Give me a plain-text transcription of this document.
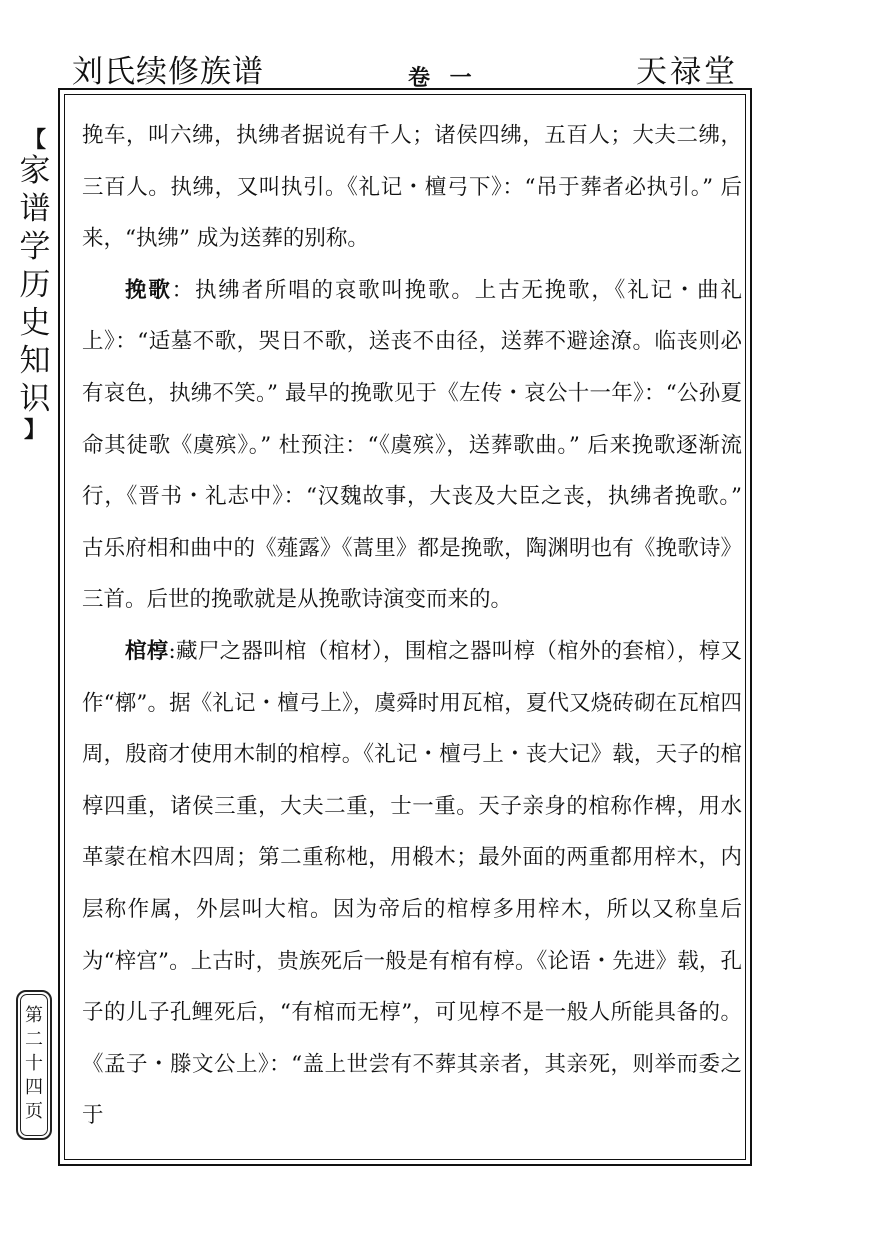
刘氏续修族谱	卷 一	天禄堂
【
家
谱
学
历
史
知
识
】
第
二
十
四
页

挽车，叫六绋，执绋者据说有千人；诸侯四绋，五百人；大夫二绋，三百人。执绋，又叫执引。《礼记・檀弓下》：“吊于葬者必执引。” 后来，“执绋” 成为送葬的别称。

挽歌：执绋者所唱的哀歌叫挽歌。上古无挽歌，《礼记・曲礼上》：“适墓不歌，哭日不歌，送丧不由径，送葬不避途潦。临丧则必有哀色，执绋不笑。” 最早的挽歌见于《左传・哀公十一年》：“公孙夏命其徒歌《虞殡》。” 杜预注：“《虞殡》，送葬歌曲。” 后来挽歌逐渐流行，《晋书・礼志中》：“汉魏故事，大丧及大臣之丧，执绋者挽歌。” 古乐府相和曲中的《薤露》《蒿里》都是挽歌，陶渊明也有《挽歌诗》三首。后世的挽歌就是从挽歌诗演变而来的。

棺椁:藏尸之器叫棺（棺材），围棺之器叫椁（棺外的套棺），椁又作“槨”。据《礼记・檀弓上》，虞舜时用瓦棺，夏代又烧砖砌在瓦棺四周，殷商才使用木制的棺椁。《礼记・檀弓上・丧大记》载，天子的棺椁四重，诸侯三重，大夫二重，士一重。天子亲身的棺称作椑，用水革蒙在棺木四周；第二重称杝，用椴木；最外面的两重都用梓木，内层称作属，外层叫大棺。因为帝后的棺椁多用梓木，所以又称皇后为“梓宫”。上古时，贵族死后一般是有棺有椁。《论语・先进》载，孔子的儿子孔鲤死后，“有棺而无椁”，可见椁不是一般人所能具备的。《孟子・滕文公上》：“盖上世尝有不葬其亲者，其亲死，则举而委之于
